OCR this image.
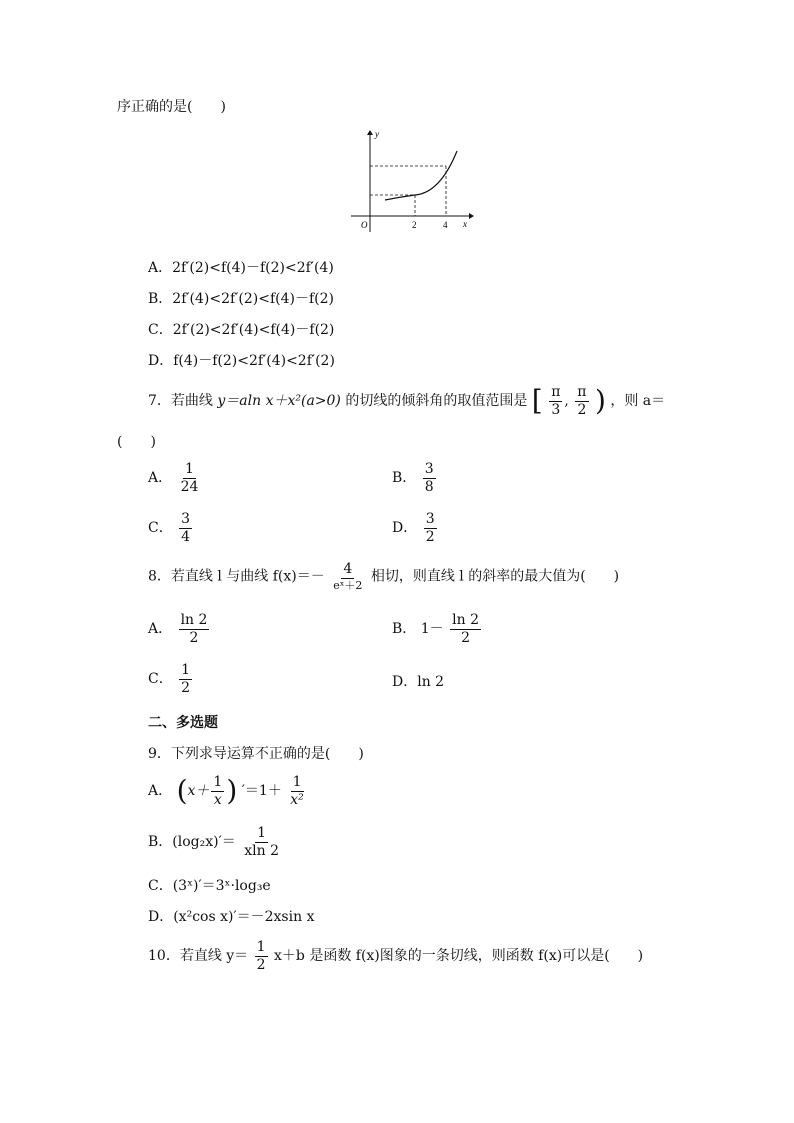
序正确的是(　　)
y
x
O	2	4
A．2f′(2)<f(4)－f(2)<2f′(4)
B．2f′(4)<2f′(2)<f(4)－f(2)
C．2f′(2)<2f′(4)<f(4)－f(2)
D．f(4)－f(2)<2f′(4)<2f′(2)
7．若曲线 y＝aln x＋x²(a>0) 的切线的倾斜角的取值范围是 [ $\frac{\pi}{3}$ , $\frac{\pi}{2}$ ) ，则 a＝
(　　)
A． $\frac{1}{24}$	B． $\frac{3}{8}$
C． $\frac{3}{4}$	D． $\frac{3}{2}$
8．若直线 l 与曲线 $f(x)=- \frac{4}{\text{eˣ＋2}}$ 相切，则直线 l 的斜率的最大值为(　　)
A． $\frac{\ln 2}{2}$	B． $1- \frac{\ln 2}{2}$
C． $\frac{1}{2}$	D．ln 2
二、多选题
9．下列求导运算不正确的是(　　)
A． ($x+ \frac{1}{x}$ ) $'=1+ \frac{1}{\text{x²}}$
B．$(\log_2x)'= \frac{1}{xln 2}$
C．(3ˣ)′＝3ˣ·log₃e
D．(x²cos x)′＝－2xsin x
10．若直线 $y= \frac{1}{2} x+b$ 是函数 f(x)图象的一条切线，则函数 f(x)可以是(　　)
